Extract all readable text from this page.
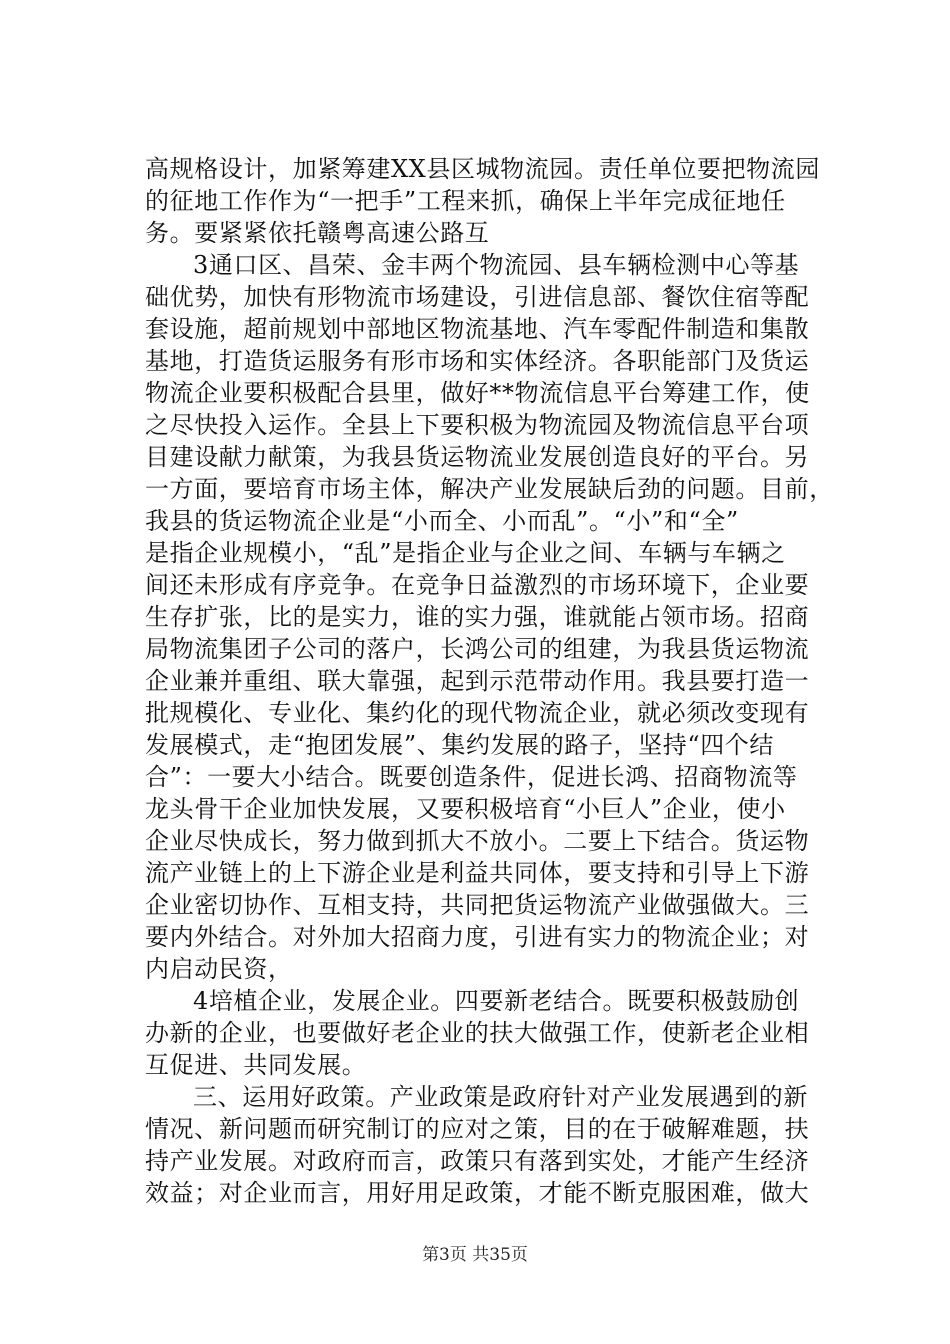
高规格设计，加紧筹建XX县区城物流园。责任单位要把物流园
的征地工作作为“一把手”工程来抓，确保上半年完成征地任
务。要紧紧依托赣粤高速公路互
3通口区、昌荣、金丰两个物流园、县车辆检测中心等基
础优势，加快有形物流市场建设，引进信息部、餐饮住宿等配
套设施，超前规划中部地区物流基地、汽车零配件制造和集散
基地，打造货运服务有形市场和实体经济。各职能部门及货运
物流企业要积极配合县里，做好**物流信息平台筹建工作，使
之尽快投入运作。全县上下要积极为物流园及物流信息平台项
目建设献力献策，为我县货运物流业发展创造良好的平台。另
一方面，要培育市场主体，解决产业发展缺后劲的问题。目前，
我县的货运物流企业是“小而全、小而乱”。“小”和“全”
是指企业规模小，“乱”是指企业与企业之间、车辆与车辆之
间还未形成有序竞争。在竞争日益激烈的市场环境下，企业要
生存扩张，比的是实力，谁的实力强，谁就能占领市场。招商
局物流集团子公司的落户，长鸿公司的组建，为我县货运物流
企业兼并重组、联大靠强，起到示范带动作用。我县要打造一
批规模化、专业化、集约化的现代物流企业，就必须改变现有
发展模式，走“抱团发展”、集约发展的路子，坚持“四个结
合”：一要大小结合。既要创造条件，促进长鸿、招商物流等
龙头骨干企业加快发展，又要积极培育“小巨人”企业，使小
企业尽快成长，努力做到抓大不放小。二要上下结合。货运物
流产业链上的上下游企业是利益共同体，要支持和引导上下游
企业密切协作、互相支持，共同把货运物流产业做强做大。三
要内外结合。对外加大招商力度，引进有实力的物流企业；对
内启动民资，
4培植企业，发展企业。四要新老结合。既要积极鼓励创
办新的企业，也要做好老企业的扶大做强工作，使新老企业相
互促进、共同发展。
三、运用好政策。产业政策是政府针对产业发展遇到的新
情况、新问题而研究制订的应对之策，目的在于破解难题，扶
持产业发展。对政府而言，政策只有落到实处，才能产生经济
效益；对企业而言，用好用足政策，才能不断克服困难，做大
第3页 共35页
